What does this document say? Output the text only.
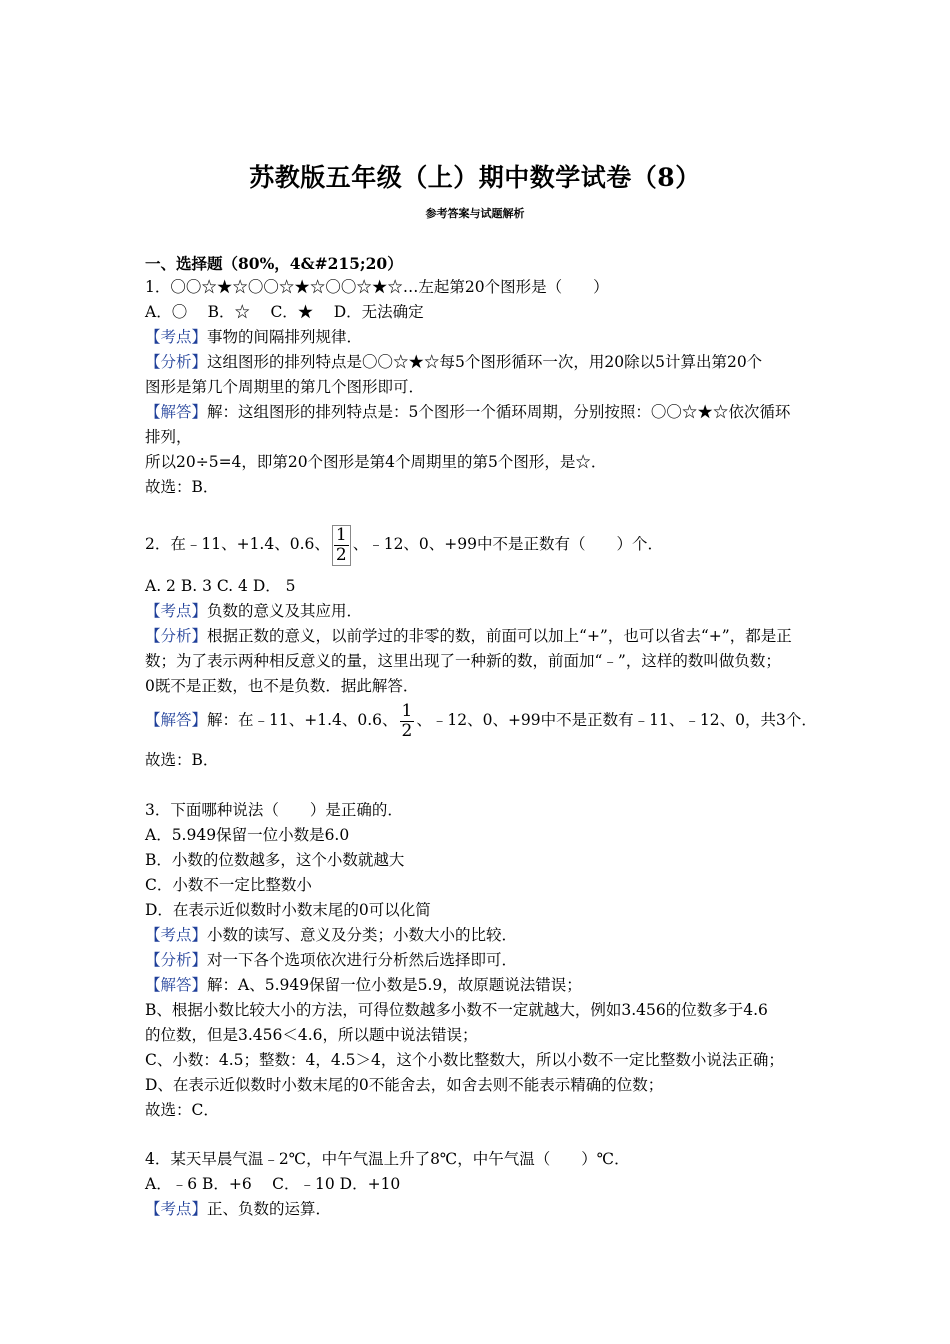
苏教版五年级（上）期中数学试卷（8）
参考答案与试题解析
一、选择题（80%，4&#215;20）
1．〇〇☆★☆〇〇☆★☆〇〇☆★☆…左起第20个图形是（　　）
A．〇　 B．☆　 C．★　 D．无法确定
【考点】事物的间隔排列规律．
【分析】这组图形的排列特点是〇〇☆★☆每5个图形循环一次，用20除以5计算出第20个
图形是第几个周期里的第几个图形即可．
【解答】解：这组图形的排列特点是：5个图形一个循环周期，分别按照：〇〇☆★☆依次循环
排列，
所以20÷5=4，即第20个图形是第4个周期里的第5个图形，是☆．
故选：B．
2．在﹣11、+1.4、0.6、 $\frac{1}{2}$ 、﹣12、0、+99中不是正数有（　　）个．
A. 2 B. 3 C. 4 D． 5
【考点】负数的意义及其应用．
【分析】根据正数的意义，以前学过的非零的数，前面可以加上“+”，也可以省去“+”，都是正
数；为了表示两种相反意义的量，这里出现了一种新的数，前面加“﹣”，这样的数叫做负数；
0既不是正数，也不是负数．据此解答．
【解答】解：在﹣11、+1.4、0.6、 $\frac{1}{2}$ 、﹣12、0、+99中不是正数有﹣11、﹣12、0，共3个．
故选：B．
3．下面哪种说法（　　）是正确的．
A．5.949保留一位小数是6.0
B．小数的位数越多，这个小数就越大
C．小数不一定比整数小
D．在表示近似数时小数末尾的0可以化简
【考点】小数的读写、意义及分类；小数大小的比较．
【分析】对一下各个选项依次进行分析然后选择即可．
【解答】解：A、5.949保留一位小数是5.9，故原题说法错误；
B、根据小数比较大小的方法，可得位数越多小数不一定就越大，例如3.456的位数多于4.6
的位数，但是3.456＜4.6，所以题中说法错误；
C、小数：4.5；整数：4，4.5＞4，这个小数比整数大，所以小数不一定比整数小说法正确；
D、在表示近似数时小数末尾的0不能舍去，如舍去则不能表示精确的位数；
故选：C．
4．某天早晨气温﹣2℃，中午气温上升了8℃，中午气温（　　）℃．
A．﹣6 B．+6　 C．﹣10 D．+10
【考点】正、负数的运算．
